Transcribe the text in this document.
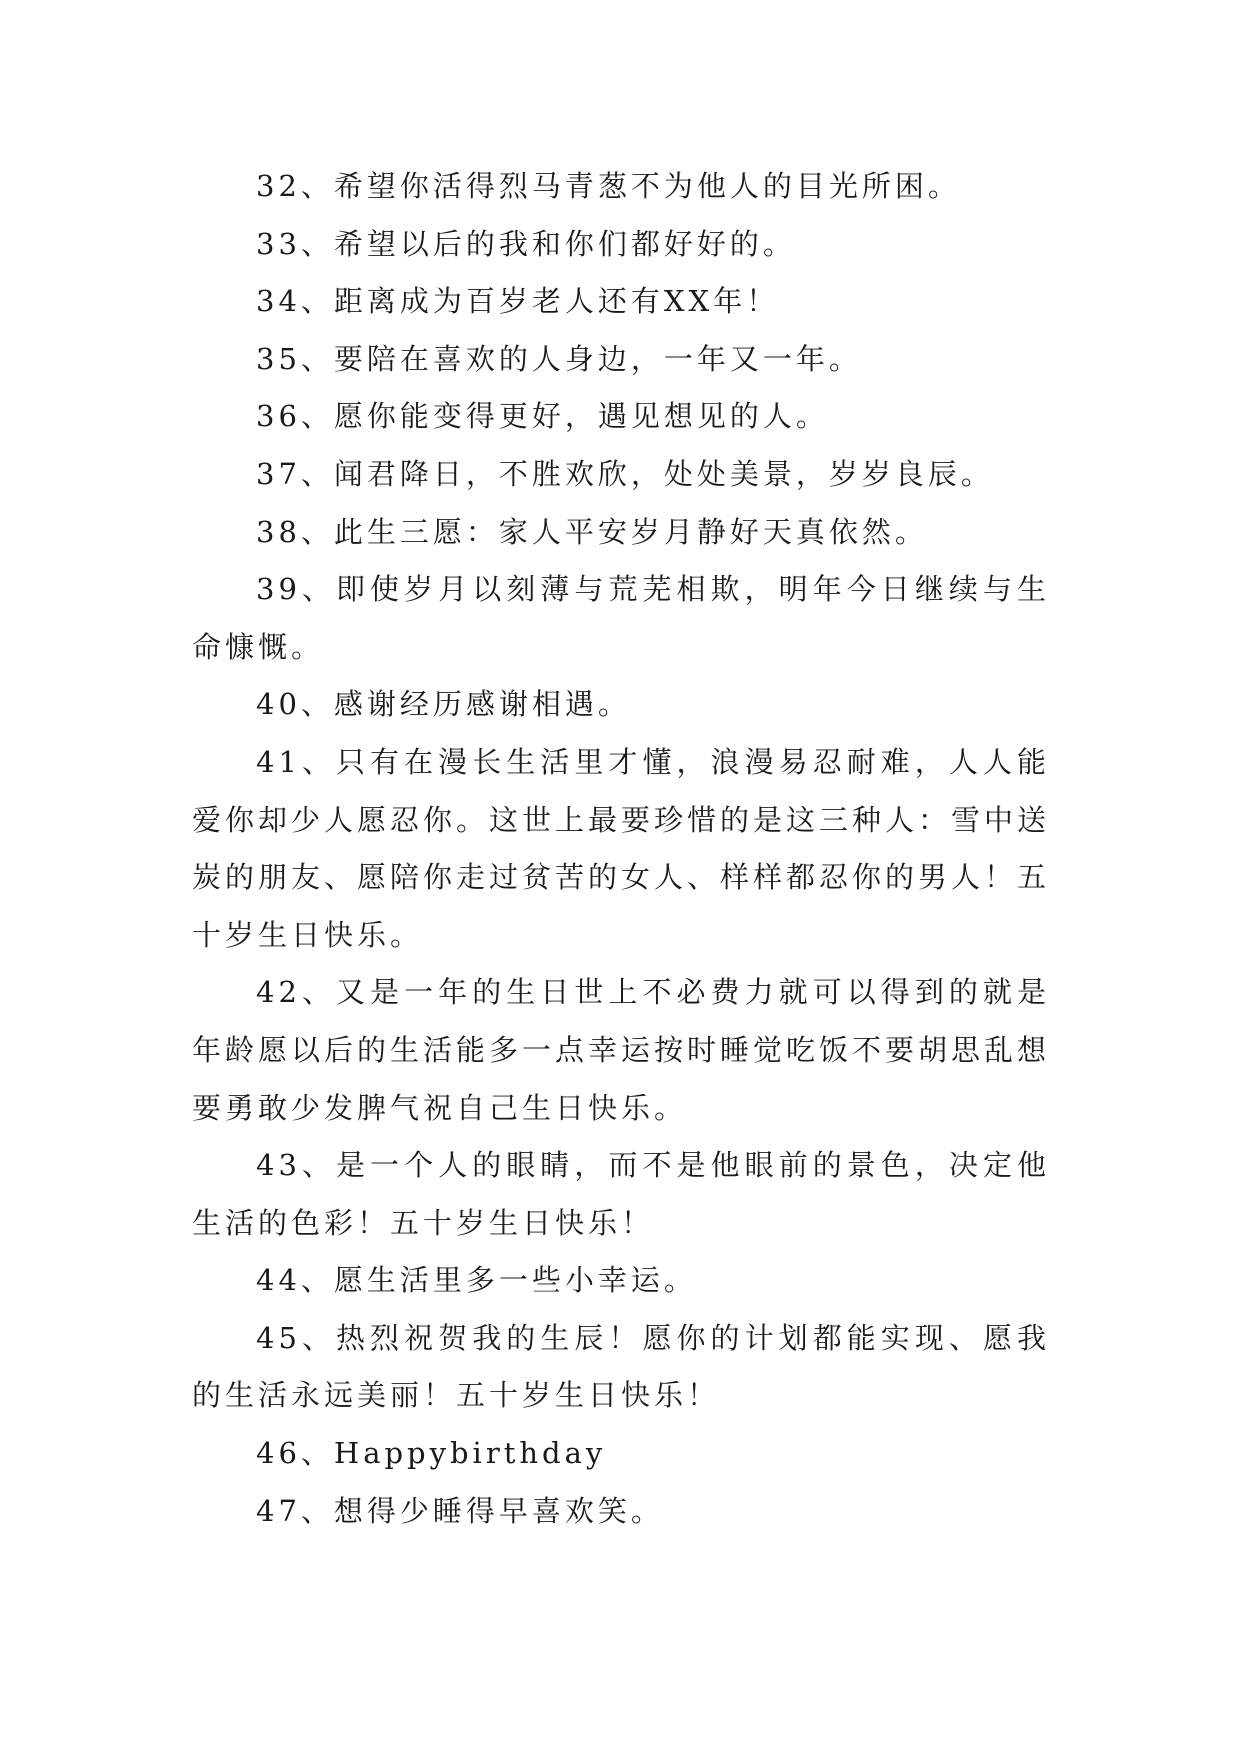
32、希望你活得烈马青葱不为他人的目光所困。

33、希望以后的我和你们都好好的。

34、距离成为百岁老人还有XX年！

35、要陪在喜欢的人身边，一年又一年。

36、愿你能变得更好，遇见想见的人。

37、闻君降日，不胜欢欣，处处美景，岁岁良辰。

38、此生三愿：家人平安岁月静好天真依然。

39、即使岁月以刻薄与荒芜相欺，明年今日继续与生命慷慨。

40、感谢经历感谢相遇。

41、只有在漫长生活里才懂，浪漫易忍耐难，人人能爱你却少人愿忍你。这世上最要珍惜的是这三种人：雪中送炭的朋友、愿陪你走过贫苦的女人、样样都忍你的男人！五十岁生日快乐。

42、又是一年的生日世上不必费力就可以得到的就是年龄愿以后的生活能多一点幸运按时睡觉吃饭不要胡思乱想要勇敢少发脾气祝自己生日快乐。

43、是一个人的眼睛，而不是他眼前的景色，决定他生活的色彩！五十岁生日快乐！

44、愿生活里多一些小幸运。

45、热烈祝贺我的生辰！愿你的计划都能实现、愿我的生活永远美丽！五十岁生日快乐！

46、Happybirthday

47、想得少睡得早喜欢笑。
